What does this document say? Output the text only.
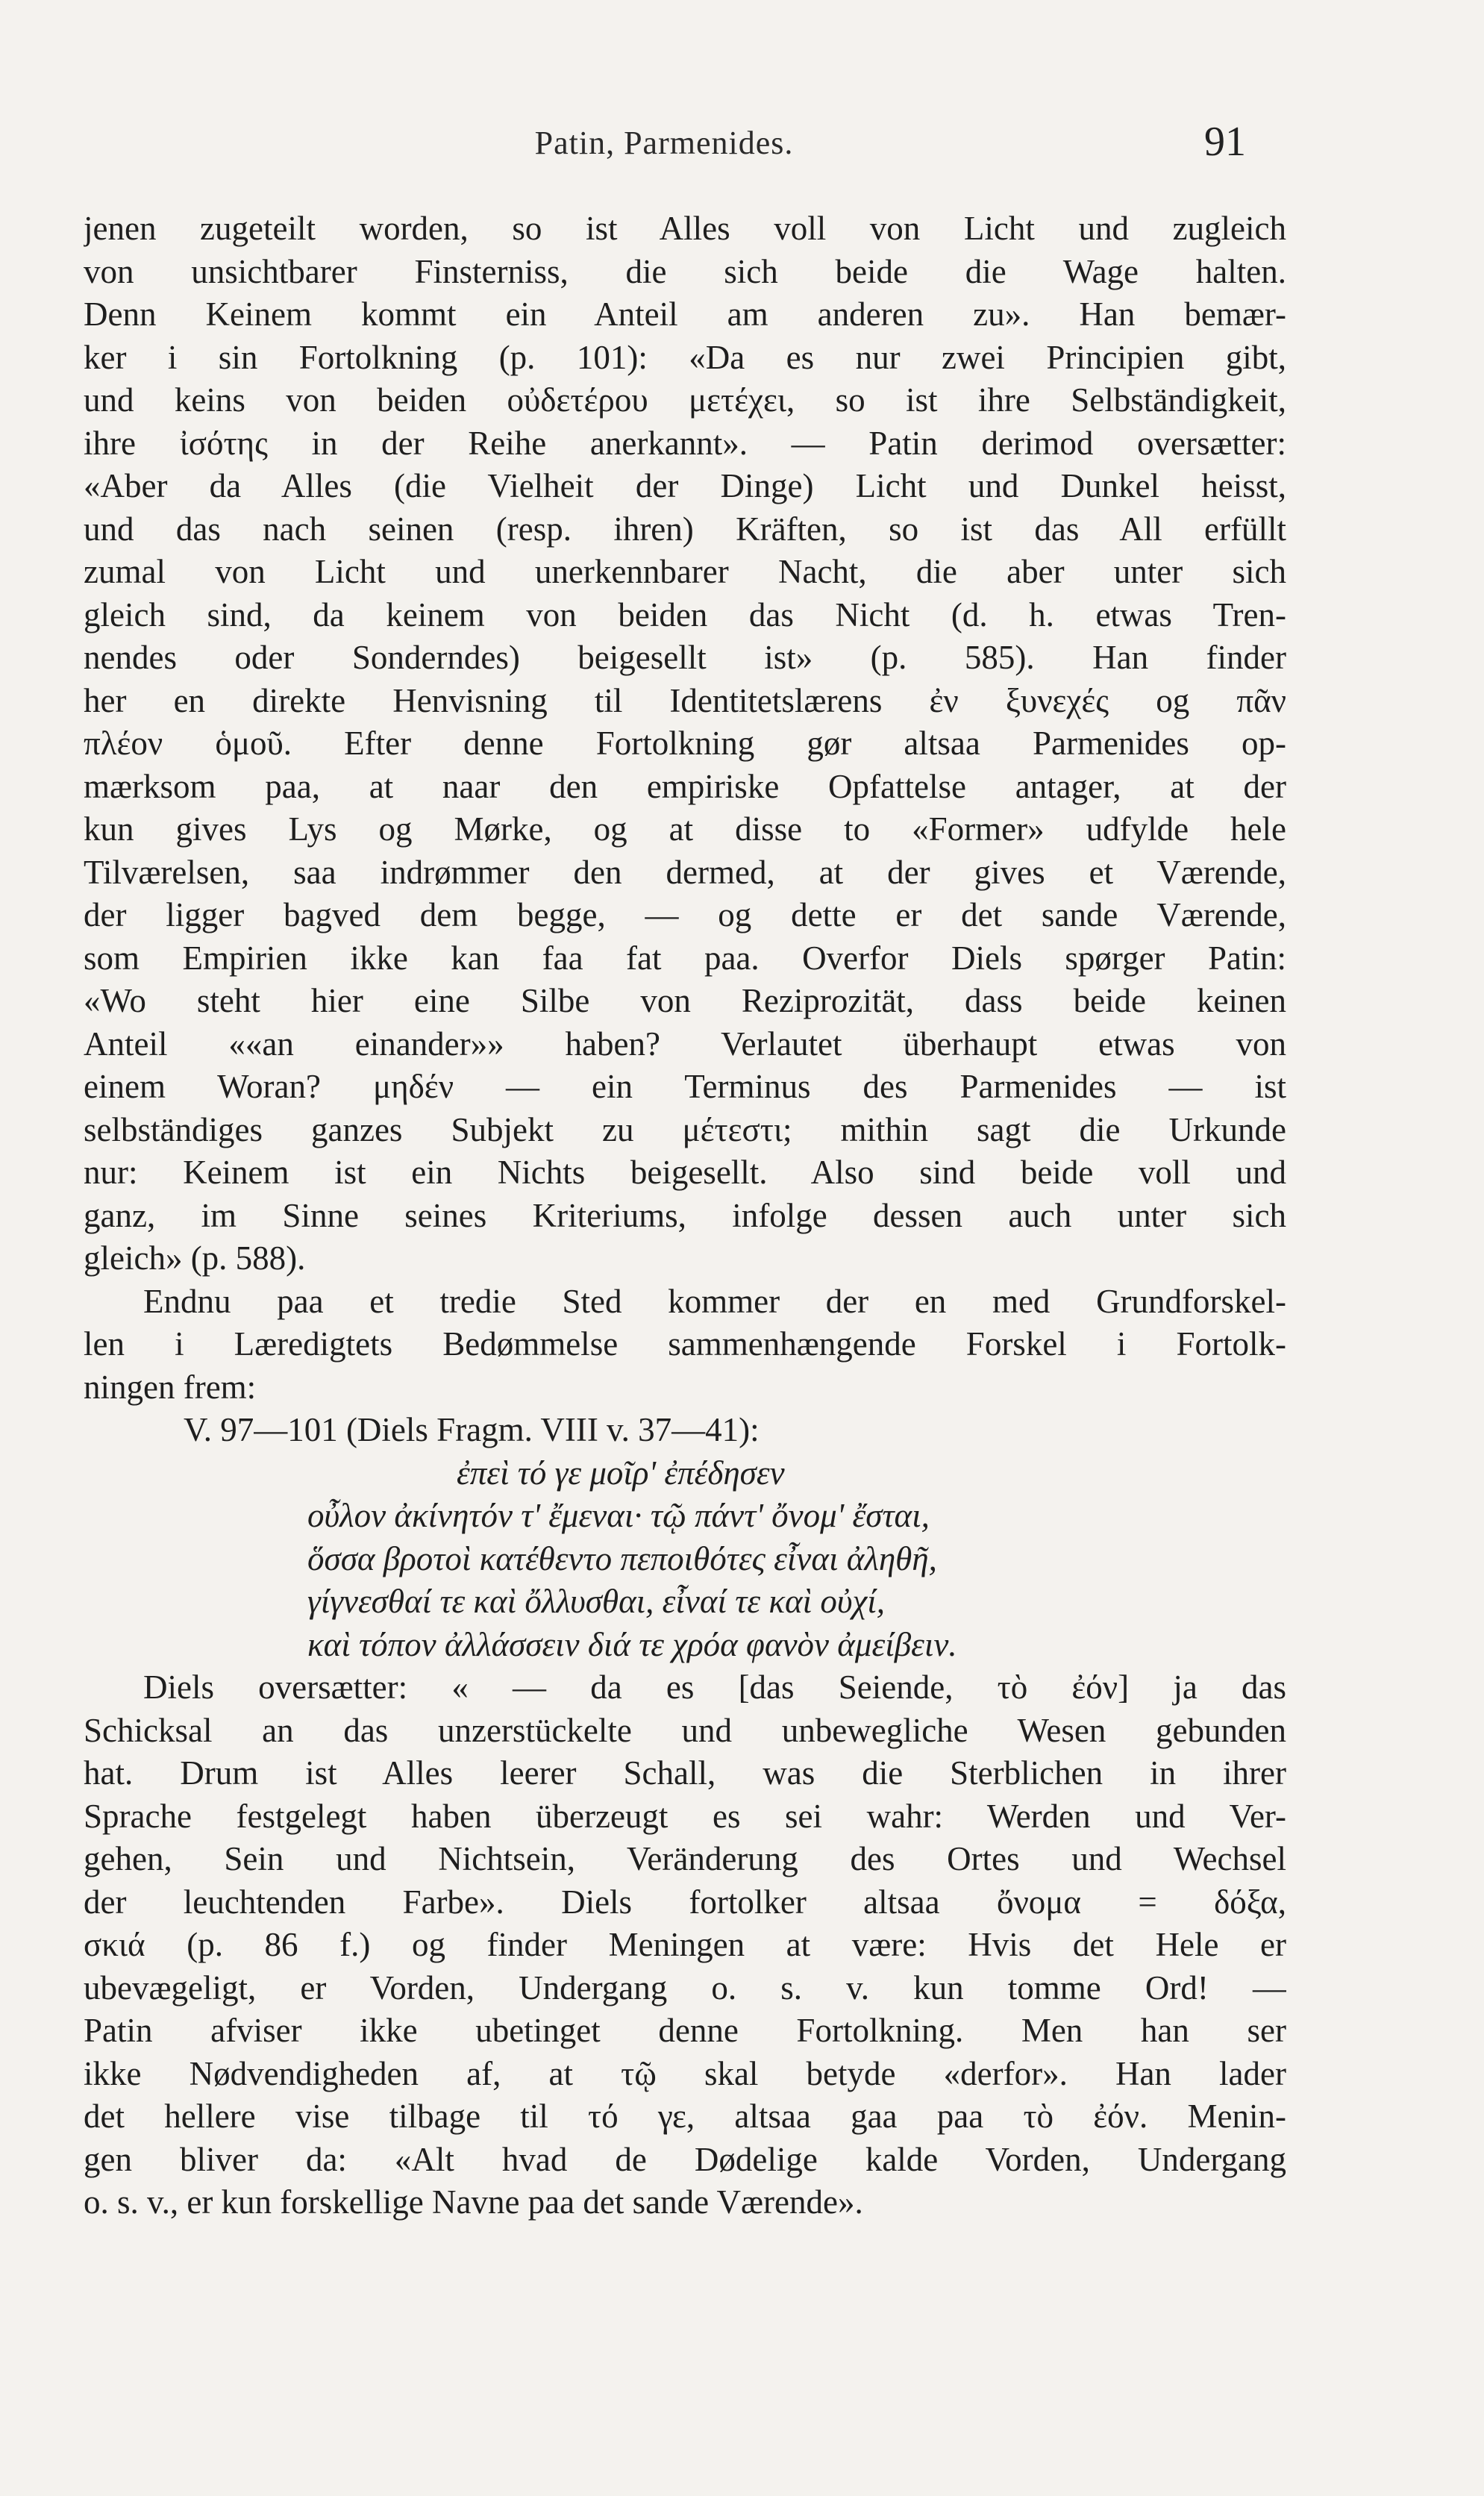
Patin, Parmenides.	91
jenen zugeteilt worden, so ist Alles voll von Licht und zugleich
von unsichtbarer Finsterniss, die sich beide die Wage halten.
Denn Keinem kommt ein Anteil am anderen zu». Han bemær-
ker i sin Fortolkning (p. 101): «Da es nur zwei Principien gibt,
und keins von beiden οὐδετέρου μετέχει, so ist ihre Selbständigkeit,
ihre ἰσότης in der Reihe anerkannt». — Patin derimod oversætter:
«Aber da Alles (die Vielheit der Dinge) Licht und Dunkel heisst,
und das nach seinen (resp. ihren) Kräften, so ist das All erfüllt
zumal von Licht und unerkennbarer Nacht, die aber unter sich
gleich sind, da keinem von beiden das Nicht (d. h. etwas Tren-
nendes oder Sonderndes) beigesellt ist» (p. 585). Han finder
her en direkte Henvisning til Identitetslærens ἐν ξυνεχές og πᾶν
πλέον ὁμοῦ. Efter denne Fortolkning gør altsaa Parmenides op-
mærksom paa, at naar den empiriske Opfattelse antager, at der
kun gives Lys og Mørke, og at disse to «Former» udfylde hele
Tilværelsen, saa indrømmer den dermed, at der gives et Værende,
der ligger bagved dem begge, — og dette er det sande Værende,
som Empirien ikke kan faa fat paa. Overfor Diels spørger Patin:
«Wo steht hier eine Silbe von Reziprozität, dass beide keinen
Anteil ««an einander»» haben? Verlautet überhaupt etwas von
einem Woran? μηδέν — ein Terminus des Parmenides — ist
selbständiges ganzes Subjekt zu μέτεστι; mithin sagt die Urkunde
nur: Keinem ist ein Nichts beigesellt. Also sind beide voll und
ganz, im Sinne seines Kriteriums, infolge dessen auch unter sich
gleich» (p. 588).
Endnu paa et tredie Sted kommer der en med Grundforskel-
len i Læredigtets Bedømmelse sammenhængende Forskel i Fortolk-
ningen frem:
V. 97—101 (Diels Fragm. VIII v. 37—41):
ἐπεὶ τό γε μοῖρ' ἐπέδησεν
οὖλον ἀκίνητόν τ' ἔμεναι· τῷ πάντ' ὄνομ' ἔσται,
ὅσσα βροτοὶ κατέθεντο πεποιθότες εἶναι ἀληθῆ,
γίγνεσθαί τε καὶ ὄλλυσθαι, εἶναί τε καὶ οὐχί,
καὶ τόπον ἀλλάσσειν διά τε χρόα φανὸν ἀμείβειν.
Diels oversætter: « — da es [das Seiende, τὸ ἐόν] ja das
Schicksal an das unzerstückelte und unbewegliche Wesen gebunden
hat. Drum ist Alles leerer Schall, was die Sterblichen in ihrer
Sprache festgelegt haben überzeugt es sei wahr: Werden und Ver-
gehen, Sein und Nichtsein, Veränderung des Ortes und Wechsel
der leuchtenden Farbe». Diels fortolker altsaa ὄνομα = δόξα,
σκιά (p. 86 f.) og finder Meningen at være: Hvis det Hele er
ubevægeligt, er Vorden, Undergang o. s. v. kun tomme Ord! —
Patin afviser ikke ubetinget denne Fortolkning. Men han ser
ikke Nødvendigheden af, at τῷ skal betyde «derfor». Han lader
det hellere vise tilbage til τό γε, altsaa gaa paa τὸ ἐόν. Menin-
gen bliver da: «Alt hvad de Dødelige kalde Vorden, Undergang
o. s. v., er kun forskellige Navne paa det sande Værende».
